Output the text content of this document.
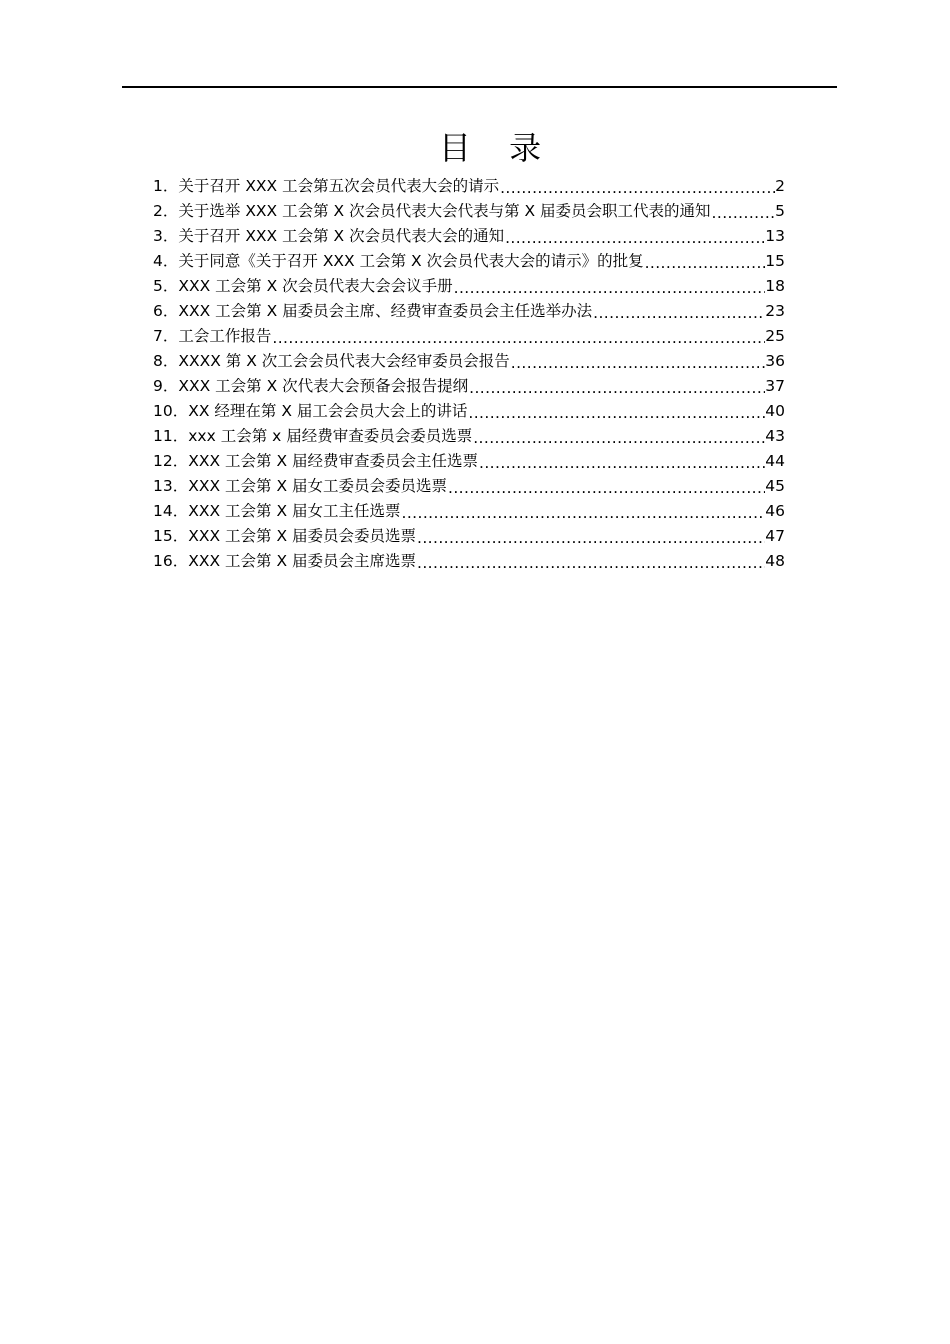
目 录
1 ． 关于召开 XXX 工会第五次会员代表大会的请示 .....	2
2 ． 关于选举 XXX 工会第 X 次会员代表大会代表与第 X 届委员会职工代表的通知 .....	5
3 ． 关于召开 XXX 工会第 X 次会员代表大会的通知 .....	13
4 ． 关于同意《关于召开 XXX 工会第 X 次会员代表大会的请示》的批复 .....	15
5 ． XXX 工会第 X 次会员代表大会会议手册 .....	18
6 ． XXX 工会第 X 届委员会主席、经费审查委员会主任选举办法 .....	23
7 ． 工会工作报告 .....	25
8 ． XXXX 第 X 次工会会员代表大会经审委员会报告 .....	36
9 ． XXX 工会第 X 次代表大会预备会报告提纲 .....	37
10 ． XX 经理在第 X 届工会会员大会上的讲话 .....	40
11 ． xxx 工会第 x 届经费审查委员会委员选票 .....	43
12 ． XXX 工会第 X 届经费审查委员会主任选票 .....	44
13 ． XXX 工会第 X 届女工委员会委员选票 .....	45
14 ． XXX 工会第 X 届女工主任选票 .....	46
15 ． XXX 工会第 X 届委员会委员选票 .....	47
16 ． XXX 工会第 X 届委员会主席选票 .....	48
